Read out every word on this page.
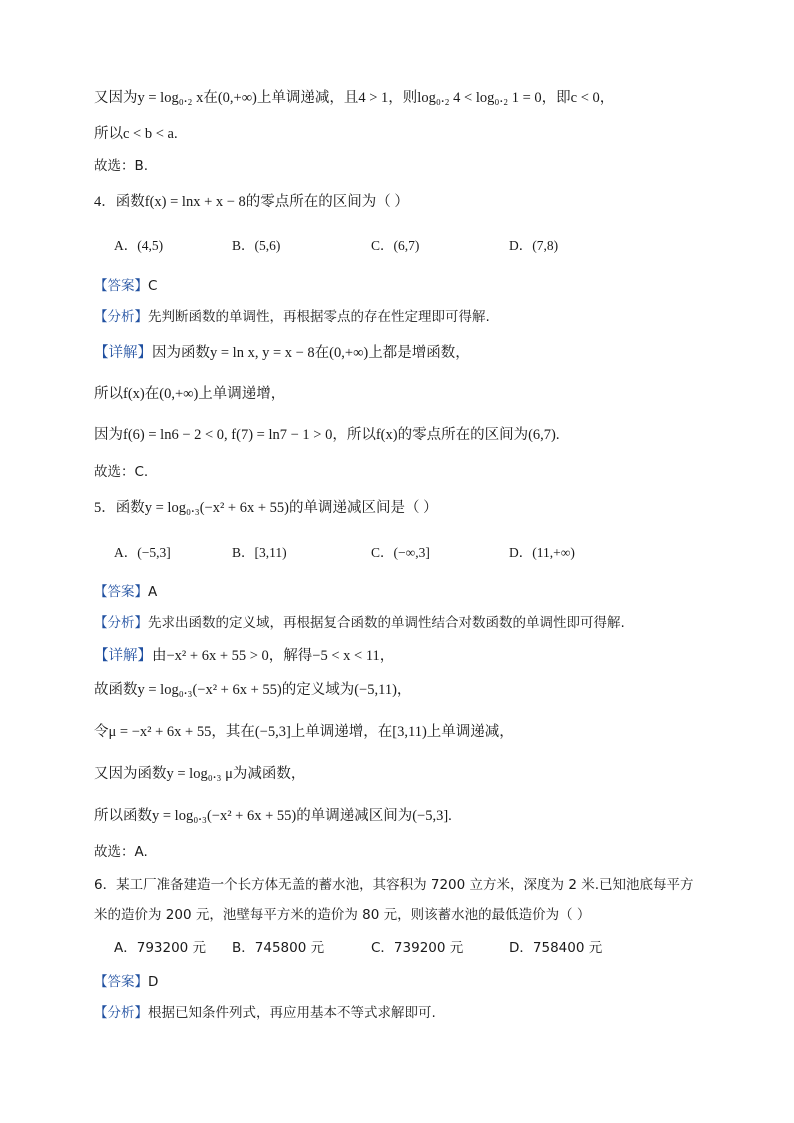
又因为y = log₀.₂ x在(0,+∞)上单调递减，且4 > 1，则log₀.₂ 4 < log₀.₂ 1 = 0，即c < 0，
所以c < b < a.
故选：B.
4．函数f(x) = lnx + x − 8的零点所在的区间为（ ）
A．(4,5)	B．(5,6)	C．(6,7)	D．(7,8)
【答案】C
【分析】先判断函数的单调性，再根据零点的存在性定理即可得解.
【详解】因为函数y = ln x, y = x − 8在(0,+∞)上都是增函数，
所以f(x)在(0,+∞)上单调递增，
因为f(6) = ln6 − 2 < 0, f(7) = ln7 − 1 > 0，所以f(x)的零点所在的区间为(6,7).
故选：C.
5．函数y = log₀.₃(−x² + 6x + 55)的单调递减区间是（ ）
A．(−5,3]	B．[3,11)	C．(−∞,3]	D．(11,+∞)
【答案】A
【分析】先求出函数的定义域，再根据复合函数的单调性结合对数函数的单调性即可得解.
【详解】由−x² + 6x + 55 > 0，解得−5 < x < 11，
故函数y = log₀.₃(−x² + 6x + 55)的定义域为(−5,11)，
令μ = −x² + 6x + 55，其在(−5,3]上单调递增，在[3,11)上单调递减，
又因为函数y = log₀.₃ μ为减函数，
所以函数y = log₀.₃(−x² + 6x + 55)的单调递减区间为(−5,3].
故选：A.
6．某工厂准备建造一个长方体无盖的蓄水池，其容积为 7200 立方米，深度为 2 米.已知池底每平方
米的造价为 200 元，池壁每平方米的造价为 80 元，则该蓄水池的最低造价为（ ）
A．793200 元 B．745800 元	C．739200 元	D．758400 元
【答案】D
【分析】根据已知条件列式，再应用基本不等式求解即可.
